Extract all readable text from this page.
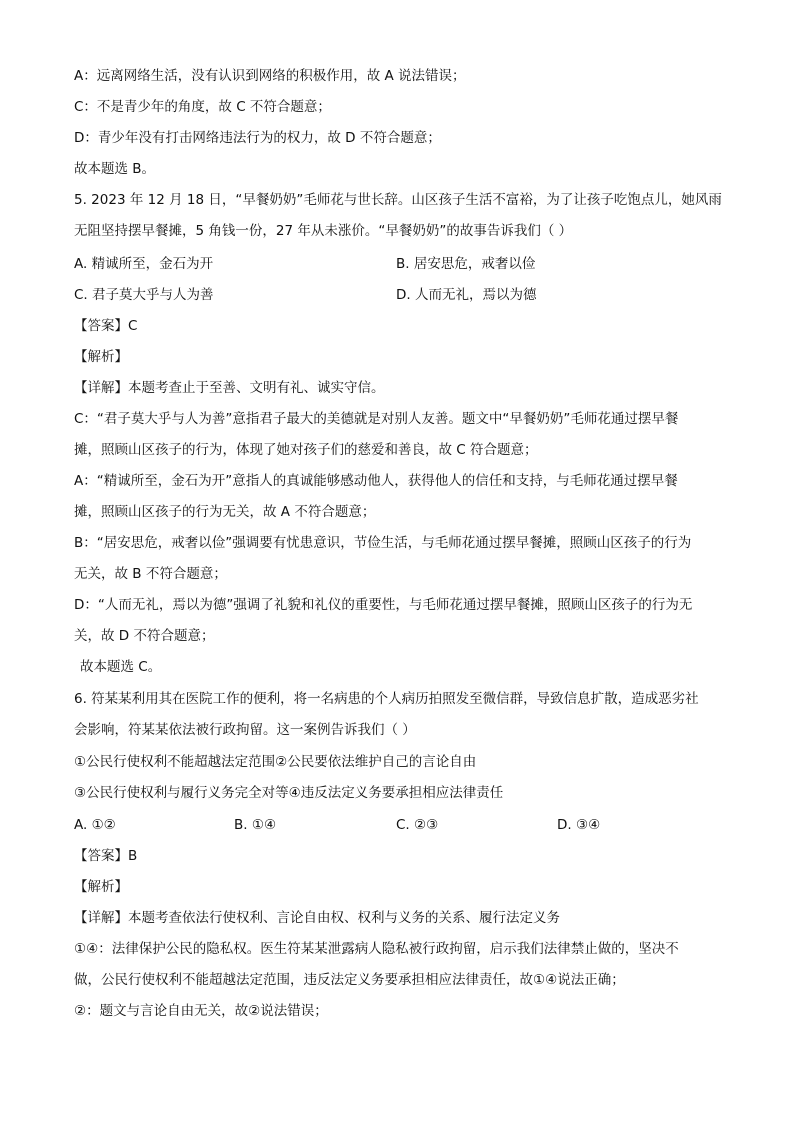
A：远离网络生活，没有认识到网络的积极作用，故 A 说法错误；
C：不是青少年的角度，故 C 不符合题意；
D：青少年没有打击网络违法行为的权力，故 D 不符合题意；
故本题选 B。
5. 2023 年 12 月 18 日，“早餐奶奶”毛师花与世长辞。山区孩子生活不富裕，为了让孩子吃饱点儿，她风雨
无阻坚持摆早餐摊，5 角钱一份，27 年从未涨价。“早餐奶奶”的故事告诉我们（ ）
A. 精诚所至，金石为开	B. 居安思危，戒奢以俭
C. 君子莫大乎与人为善	D. 人而无礼，焉以为德
【答案】C
【解析】
【详解】本题考查止于至善、文明有礼、诚实守信。
C：“君子莫大乎与人为善”意指君子最大的美德就是对别人友善。题文中“早餐奶奶”毛师花通过摆早餐
摊，照顾山区孩子的行为，体现了她对孩子们的慈爱和善良，故 C 符合题意；
A：“精诚所至，金石为开”意指人的真诚能够感动他人，获得他人的信任和支持，与毛师花通过摆早餐
摊，照顾山区孩子的行为无关，故 A 不符合题意；
B：“居安思危，戒奢以俭”强调要有忧患意识，节俭生活，与毛师花通过摆早餐摊，照顾山区孩子的行为
无关，故 B 不符合题意；
D：“人而无礼，焉以为德”强调了礼貌和礼仪的重要性，与毛师花通过摆早餐摊，照顾山区孩子的行为无
关，故 D 不符合题意；
故本题选 C。
6. 符某某利用其在医院工作的便利，将一名病患的个人病历拍照发至微信群，导致信息扩散，造成恶劣社
会影响，符某某依法被行政拘留。这一案例告诉我们（ ）
①公民行使权利不能超越法定范围②公民要依法维护自己的言论自由
③公民行使权利与履行义务完全对等④违反法定义务要承担相应法律责任
A. ①②	B. ①④	C. ②③	D. ③④
【答案】B
【解析】
【详解】本题考查依法行使权利、言论自由权、权利与义务的关系、履行法定义务
①④：法律保护公民的隐私权。医生符某某泄露病人隐私被行政拘留，启示我们法律禁止做的，坚决不
做，公民行使权利不能超越法定范围，违反法定义务要承担相应法律责任，故①④说法正确；
②：题文与言论自由无关，故②说法错误；
